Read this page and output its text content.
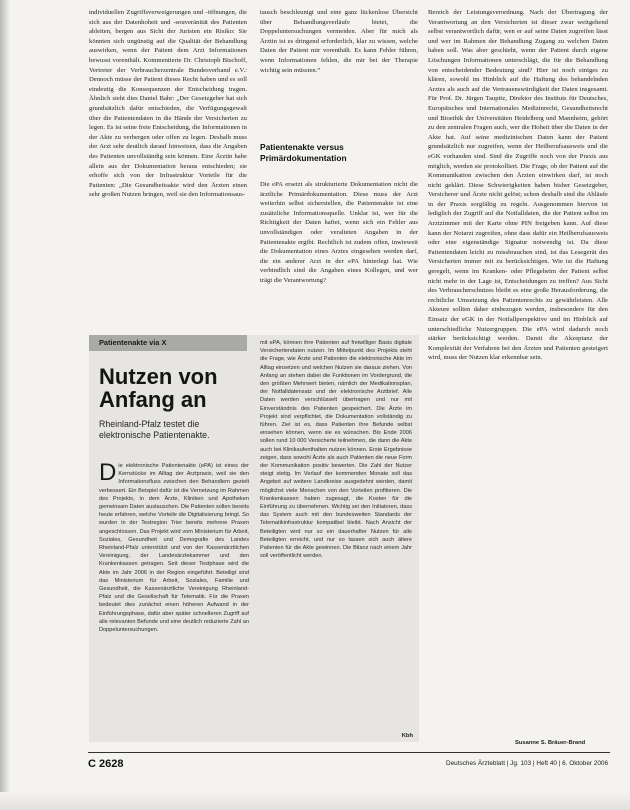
individuellen Zugriffsverweigerungen und -öffnungen, die sich aus der Datenhoheit und -souveränität des Patienten ableiten, bergen aus Sicht der Juristen ein Risiko: Sie könnten sich ungünstig auf die Qualität der Behandlung auswirken, wenn der Patient dem Arzt Informationen bewusst vorenthält. Kommentierte Dr. Christoph Bischoff, Vertreter der Verbraucherzentrale Bundesverband e.V.: Dennoch müsse der Patient dieses Recht haben und es soll eindeutig die Konsequenzen der Entscheidung tragen. Ähnlich sieht dies Daniel Bahr: „Der Gesetzgeber hat sich grundsätzlich dafür entschieden, die Verfügungsgewalt über die Patientendaten in die Hände der Versicherten zu legen. Es ist seine freie Entscheidung, die Informationen in der Akte zu verbergen oder offen zu legen. Deshalb muss der Arzt sehr deutlich darauf hinweisen, dass die Angaben des Patienten unvollständig sein können. Eine Ärztin habe allein aus der Dokumentation heraus entschieden; sie erhoffe sich von der Infrastruktur Vorteile für die Patienten: „Die Gesundheitsakte wird den Ärzten einen sehr großen Nutzen bringen, weil sie den Informationsaus-

tausch beschleunigt und eine ganz lückenlose Übersicht über Behandlungsverläufe bietet, die Doppeluntersuchungen vermeiden. Aber für mich als Ärztin ist es dringend erforderlich, klar zu wissen, welche Daten der Patient mir vorenthält. Es kann Fehler führen, wenn Informationen fehlen, die mir bei der Therapie wichtig sein müssten.“

Patientenakte versus Primärdokumentation

Die ePA ersetzt als strukturierte Dokumentation nicht die ärztliche Primärdokumentation. Diese muss der Arzt weiterhin selbst sicherstellen, die Patientenakte ist eine zusätzliche Informationsquelle. Unklar ist, wer für die Richtigkeit der Daten haftet, wenn sich ein Fehler aus unvollständigen oder veralteten Angaben in der Patientenakte ergibt. Rechtlich ist zudem offen, inwieweit die Dokumentation eines Arztes eingesehen werden darf, die ein anderer Arzt in der ePA hinterlegt hat. Wie verbindlich sind die Angaben eines Kollegen, und wer trägt die Verantwortung?

Bereich der Leistungsverordnung. Nach der Übertragung der Verantwortung an den Versicherten ist dieser zwar weitgehend selbst verantwortlich dafür, wen er auf seine Daten zugreifen lässt und wer im Rahmen der Behandlung Zugang zu welchen Daten haben soll. Was aber geschieht, wenn der Patient durch eigene Löschungen Informationen unterschlägt, die für die Behandlung von entscheidender Bedeutung sind? Hier ist noch einiges zu klären, sowohl im Hinblick auf die Haftung des behandelnden Arztes als auch auf die Vertrauenswürdigkeit der Daten insgesamt. Für Prof. Dr. Jürgen Taupitz, Direktor des Instituts für Deutsches, Europäisches und Internationales Medizinrecht, Gesundheitsrecht und Bioethik der Universitäten Heidelberg und Mannheim, gehört zu den zentralen Fragen auch, wer die Hoheit über die Daten in der Akte hat. Auf seine medizinischen Daten kann der Patient grundsätzlich nur zugreifen, wenn der Heilberufsausweis und die eGK vorhanden sind. Sind die Zugriffe noch von der Praxis aus möglich, werden sie protokolliert. Die Frage, ob der Patient auf die Kommunikation zwischen den Ärzten einwirken darf, ist noch nicht geklärt. Diese Schwierigkeiten haben bisher Gesetzgeber, Versicherer und Ärzte nicht gelöst; schon deshalb sind die Abläufe in der Praxis sorgfältig zu regeln. Ausgenommen hiervon ist lediglich der Zugriff auf die Notfalldaten, die der Patient selbst im Arztzimmer mit der Karte ohne PIN freigeben kann. Auf diese kann der Notarzt zugreifen, ohne dass dafür ein Heilberufsausweis oder eine eigenständige Signatur notwendig ist. Da diese Patientendaten leicht zu missbrauchen sind, ist das Lesegerät des Versicherten immer mit zu berücksichtigen. Wie ist die Haftung geregelt, wenn im Kranken- oder Pflegeheim der Patient selbst nicht mehr in der Lage ist, Entscheidungen zu treffen? Aus Sicht des Verbraucherschutzes bleibt es eine große Herausforderung, die rechtliche Umsetzung des Patientenrechts zu gewährleisten. Alle Akteure sollten daher einbezogen werden, insbesondere für den Einsatz der eGK in der Notfallperspektive und im Hinblick auf unterschiedliche Nutzergruppen. Die ePA wird dadurch noch stärker berücksichtigt werden. Damit die Akzeptanz der Komplexität der Verfahren bei den Ärzten und Patienten gesteigert wird, muss der Nutzen klar erkennbar sein.

Patientenakte via X
Nutzen von Anfang an
Rheinland-Pfalz testet die elektronische Patientenakte.
Die elektronische Patientenakte (ePA) ist eines der Kernstücke im Alltag der Arztpraxis, weil sie den Informationsfluss zwischen den Behandlern gezielt verbessert. Ein Beispiel dafür ist die Vernetzung im Rahmen des Projekts, in dem Ärzte, Kliniken und Apotheken gemeinsam Daten austauschen. Die Patienten sollen bereits heute erfahren, welche Vorteile die Digitalisierung bringt. So wurden in der Testregion Trier bereits mehrere Praxen angeschlossen. Das Projekt wird vom Ministerium für Arbeit, Soziales, Gesundheit und Demografie des Landes Rheinland-Pfalz unterstützt und von der Kassenärztlichen Vereinigung, der Landesärztekammer und den Krankenkassen getragen. Seit dieser Testphase wird die Akte im Jahr 2006 in der Region eingeführt. Beteiligt sind das Ministerium für Arbeit, Soziales, Familie und Gesundheit, die Kassenärztliche Vereinigung Rheinland-Pfalz und die Gesellschaft für Telematik. Für die Praxen bedeutet dies zunächst einen höheren Aufwand in der Einführungsphase, dafür aber später schnelleren Zugriff auf alle relevanten Befunde und eine deutlich reduzierte Zahl an Doppeluntersuchungen.
mit ePA, können ihre Patienten auf freiwilliger Basis digitale Versichertendaten nutzen. Im Mittelpunkt des Projekts steht die Frage, wie Ärzte und Patienten die elektronische Akte im Alltag einsetzen und welchen Nutzen sie daraus ziehen. Von Anfang an stehen dabei die Funktionen im Vordergrund, die den größten Mehrwert bieten, nämlich der Medikationsplan, der Notfalldatensatz und der elektronische Arztbrief. Alle Daten werden verschlüsselt übertragen und nur mit Einverständnis des Patienten gespeichert. Die Ärzte im Projekt sind verpflichtet, die Dokumentation vollständig zu führen. Ziel ist es, dass Patienten ihre Befunde selbst einsehen können, wenn sie es wünschen. Bis Ende 2006 sollen rund 10 000 Versicherte teilnehmen, die dann die Akte auch bei Klinikaufenthalten nutzen können. Erste Ergebnisse zeigen, dass sowohl Ärzte als auch Patienten die neue Form der Kommunikation positiv bewerten. Die Zahl der Nutzer steigt stetig. Im Verlauf der kommenden Monate soll das Angebot auf weitere Landkreise ausgedehnt werden, damit möglichst viele Menschen von den Vorteilen profitieren. Die Krankenkassen haben zugesagt, die Kosten für die Einführung zu übernehmen. Wichtig sei den Initiatoren, dass das System auch mit den bundesweiten Standards der Telematikinfrastruktur kompatibel bleibt. Nach Ansicht der Beteiligten wird nur so ein dauerhafter Nutzen für alle Beteiligten erreicht, und nur so lassen sich auch ältere Patienten für die Akte gewinnen. Die Bilanz nach einem Jahr soll veröffentlicht werden.
Kbh
Susanne S. Bräuer-Brand
C 2628	Deutsches Ärzteblatt | Jg. 103 | Heft 40 | 6. Oktober 2006
